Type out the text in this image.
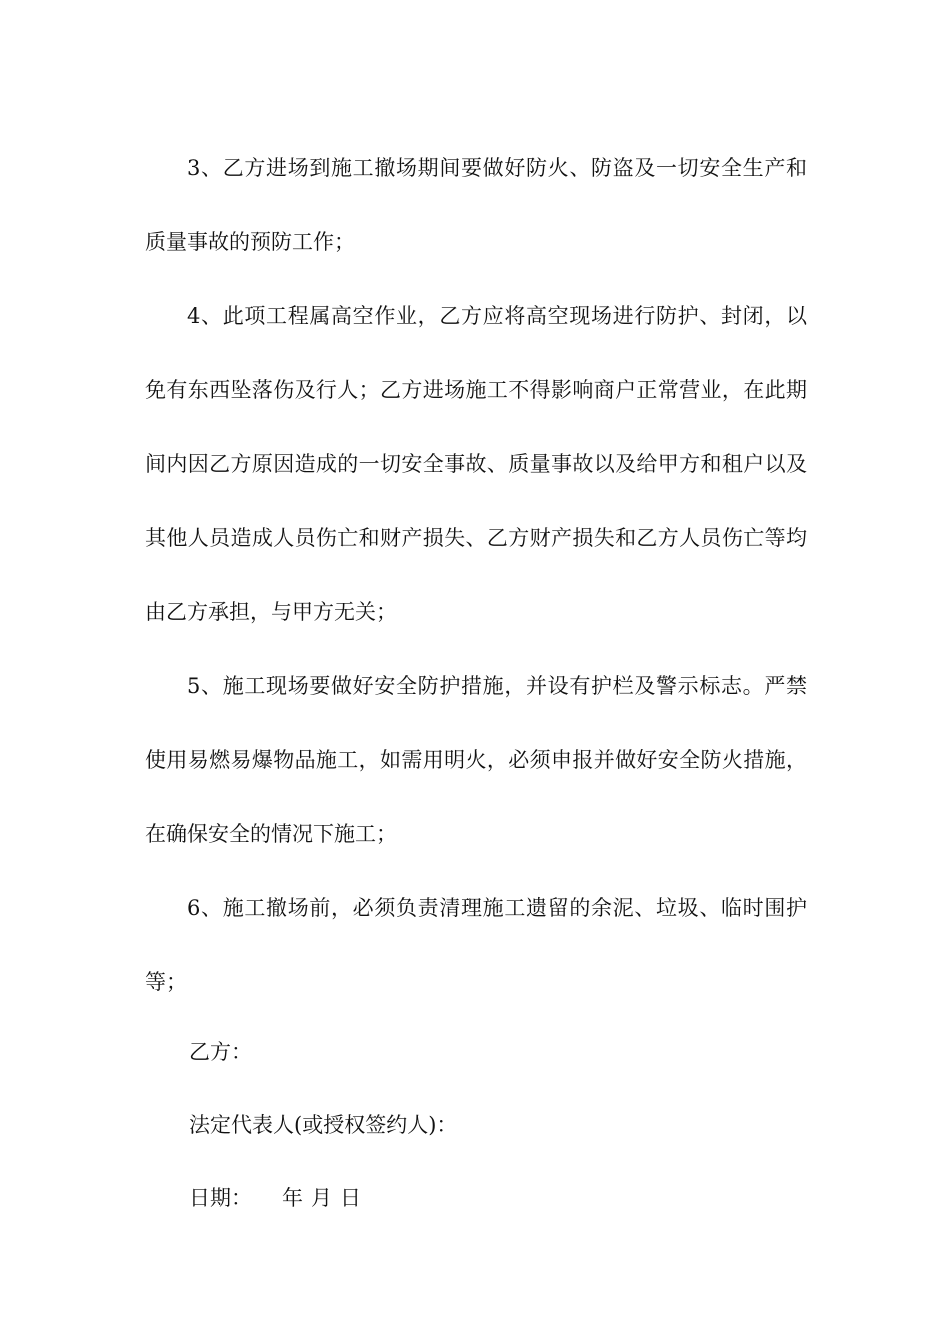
3、乙方进场到施工撤场期间要做好防火、防盗及一切安全生产和质量事故的预防工作；

4、此项工程属高空作业，乙方应将高空现场进行防护、封闭，以免有东西坠落伤及行人；乙方进场施工不得影响商户正常营业，在此期间内因乙方原因造成的一切安全事故、质量事故以及给甲方和租户以及其他人员造成人员伤亡和财产损失、乙方财产损失和乙方人员伤亡等均由乙方承担，与甲方无关；

5、施工现场要做好安全防护措施，并设有护栏及警示标志。严禁使用易燃易爆物品施工，如需用明火，必须申报并做好安全防火措施，在确保安全的情况下施工；

6、施工撤场前，必须负责清理施工遗留的余泥、垃圾、临时围护等；

乙方：
法定代表人(或授权签约人)：
日期： 年 月 日
